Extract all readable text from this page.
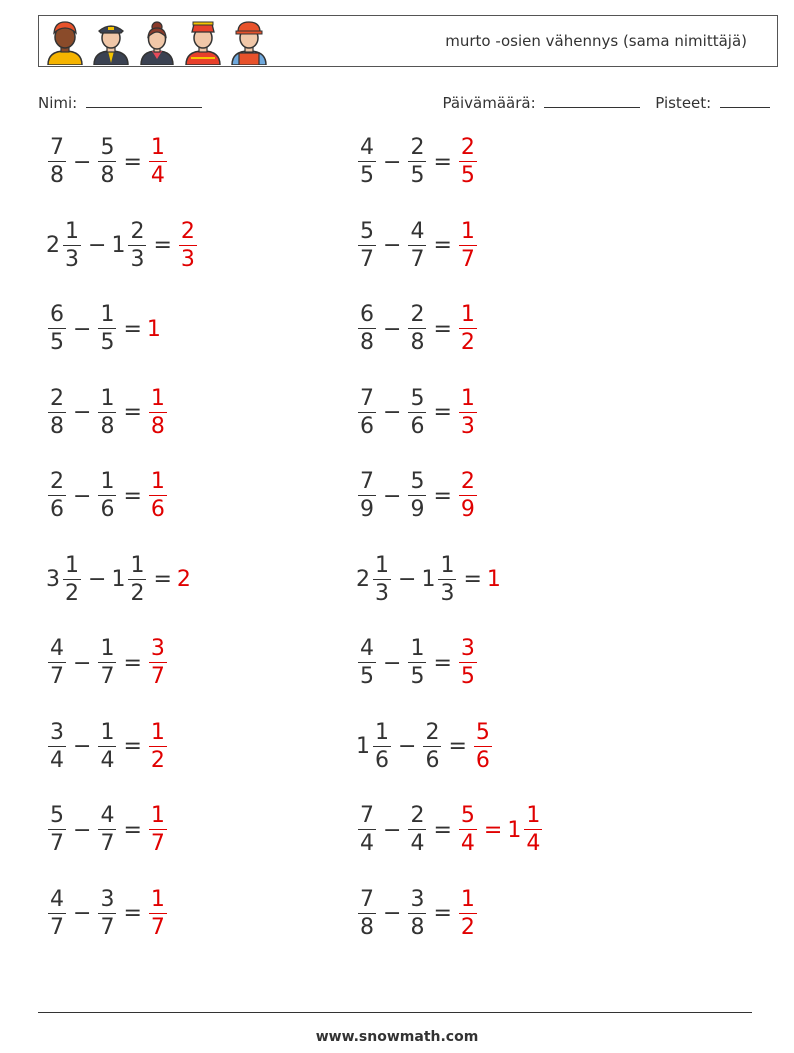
murto -osien vähennys (sama nimittäjä)
Nimi:	Päivämäärä:	Pisteet:
$\frac{7}{8} - \frac{5}{8} = \frac{1}{4}$	$\frac{4}{5} - \frac{2}{5} = \frac{2}{5}$
$2 \frac{1}{3} - 1 \frac{2}{3} = \frac{2}{3}$	$\frac{5}{7} - \frac{4}{7} = \frac{1}{7}$
$\frac{6}{5} - \frac{1}{5} = 1$	$\frac{6}{8} - \frac{2}{8} = \frac{1}{2}$
$\frac{2}{8} - \frac{1}{8} = \frac{1}{8}$	$\frac{7}{6} - \frac{5}{6} = \frac{1}{3}$
$\frac{2}{6} - \frac{1}{6} = \frac{1}{6}$	$\frac{7}{9} - \frac{5}{9} = \frac{2}{9}$
$3 \frac{1}{2} - 1 \frac{1}{2} = 2$	$2 \frac{1}{3} - 1 \frac{1}{3} = 1$
$\frac{4}{7} - \frac{1}{7} = \frac{3}{7}$	$\frac{4}{5} - \frac{1}{5} = \frac{3}{5}$
$\frac{3}{4} - \frac{1}{4} = \frac{1}{2}$	$1 \frac{1}{6} - \frac{2}{6} = \frac{5}{6}$
$\frac{5}{7} - \frac{4}{7} = \frac{1}{7}$	$\frac{7}{4} - \frac{2}{4} = \frac{5}{4} = 1 \frac{1}{4}$
$\frac{4}{7} - \frac{3}{7} = \frac{1}{7}$	$\frac{7}{8} - \frac{3}{8} = \frac{1}{2}$
www.snowmath.com
